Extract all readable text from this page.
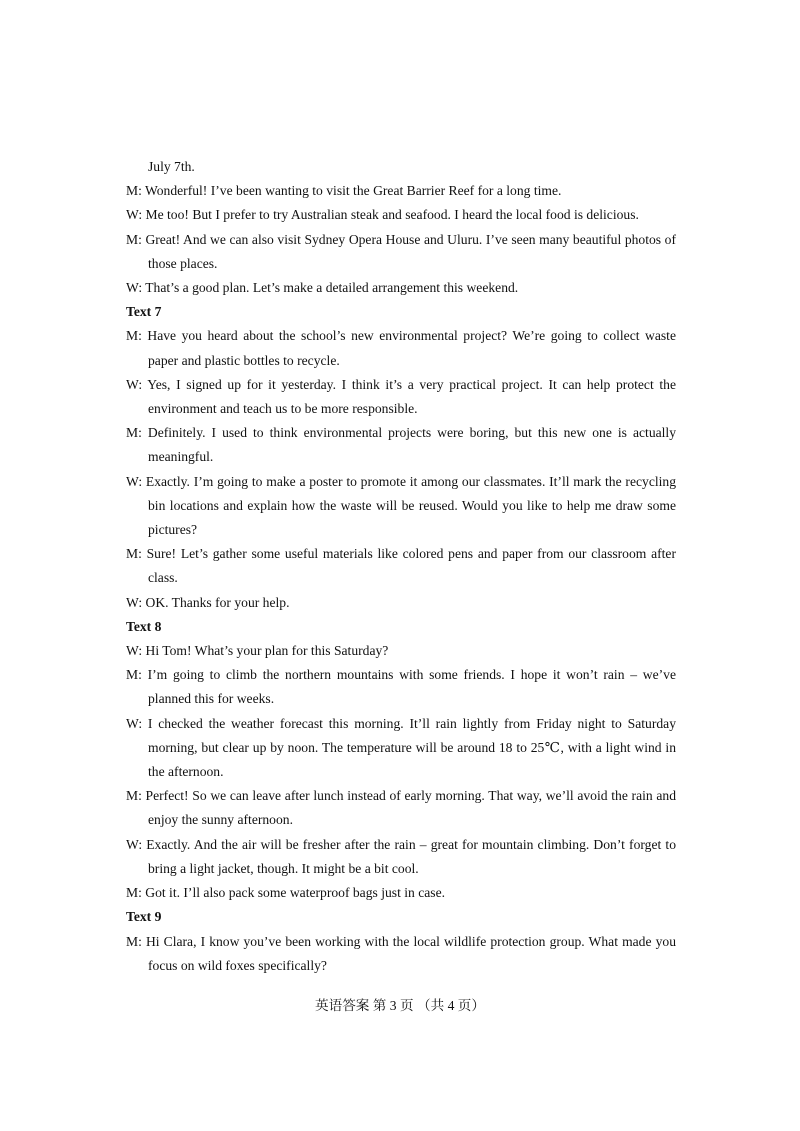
July 7th.
M: Wonderful! I’ve been wanting to visit the Great Barrier Reef for a long time.
W: Me too! But I prefer to try Australian steak and seafood. I heard the local food is delicious.
M: Great! And we can also visit Sydney Opera House and Uluru. I’ve seen many beautiful photos of those places.
W: That’s a good plan. Let’s make a detailed arrangement this weekend.
Text 7
M: Have you heard about the school’s new environmental project? We’re going to collect waste paper and plastic bottles to recycle.
W: Yes, I signed up for it yesterday. I think it’s a very practical project. It can help protect the environment and teach us to be more responsible.
M: Definitely. I used to think environmental projects were boring, but this new one is actually meaningful.
W: Exactly. I’m going to make a poster to promote it among our classmates. It’ll mark the recycling bin locations and explain how the waste will be reused. Would you like to help me draw some pictures?
M: Sure! Let’s gather some useful materials like colored pens and paper from our classroom after class.
W: OK. Thanks for your help.
Text 8
W: Hi Tom! What’s your plan for this Saturday?
M: I’m going to climb the northern mountains with some friends. I hope it won’t rain – we’ve planned this for weeks.
W: I checked the weather forecast this morning. It’ll rain lightly from Friday night to Saturday morning, but clear up by noon. The temperature will be around 18 to 25℃, with a light wind in the afternoon.
M: Perfect! So we can leave after lunch instead of early morning. That way, we’ll avoid the rain and enjoy the sunny afternoon.
W: Exactly. And the air will be fresher after the rain – great for mountain climbing. Don’t forget to bring a light jacket, though. It might be a bit cool.
M: Got it. I’ll also pack some waterproof bags just in case.
Text 9
M: Hi Clara, I know you’ve been working with the local wildlife protection group. What made you focus on wild foxes specifically?
英语答案 第 3 页 （共 4 页）
